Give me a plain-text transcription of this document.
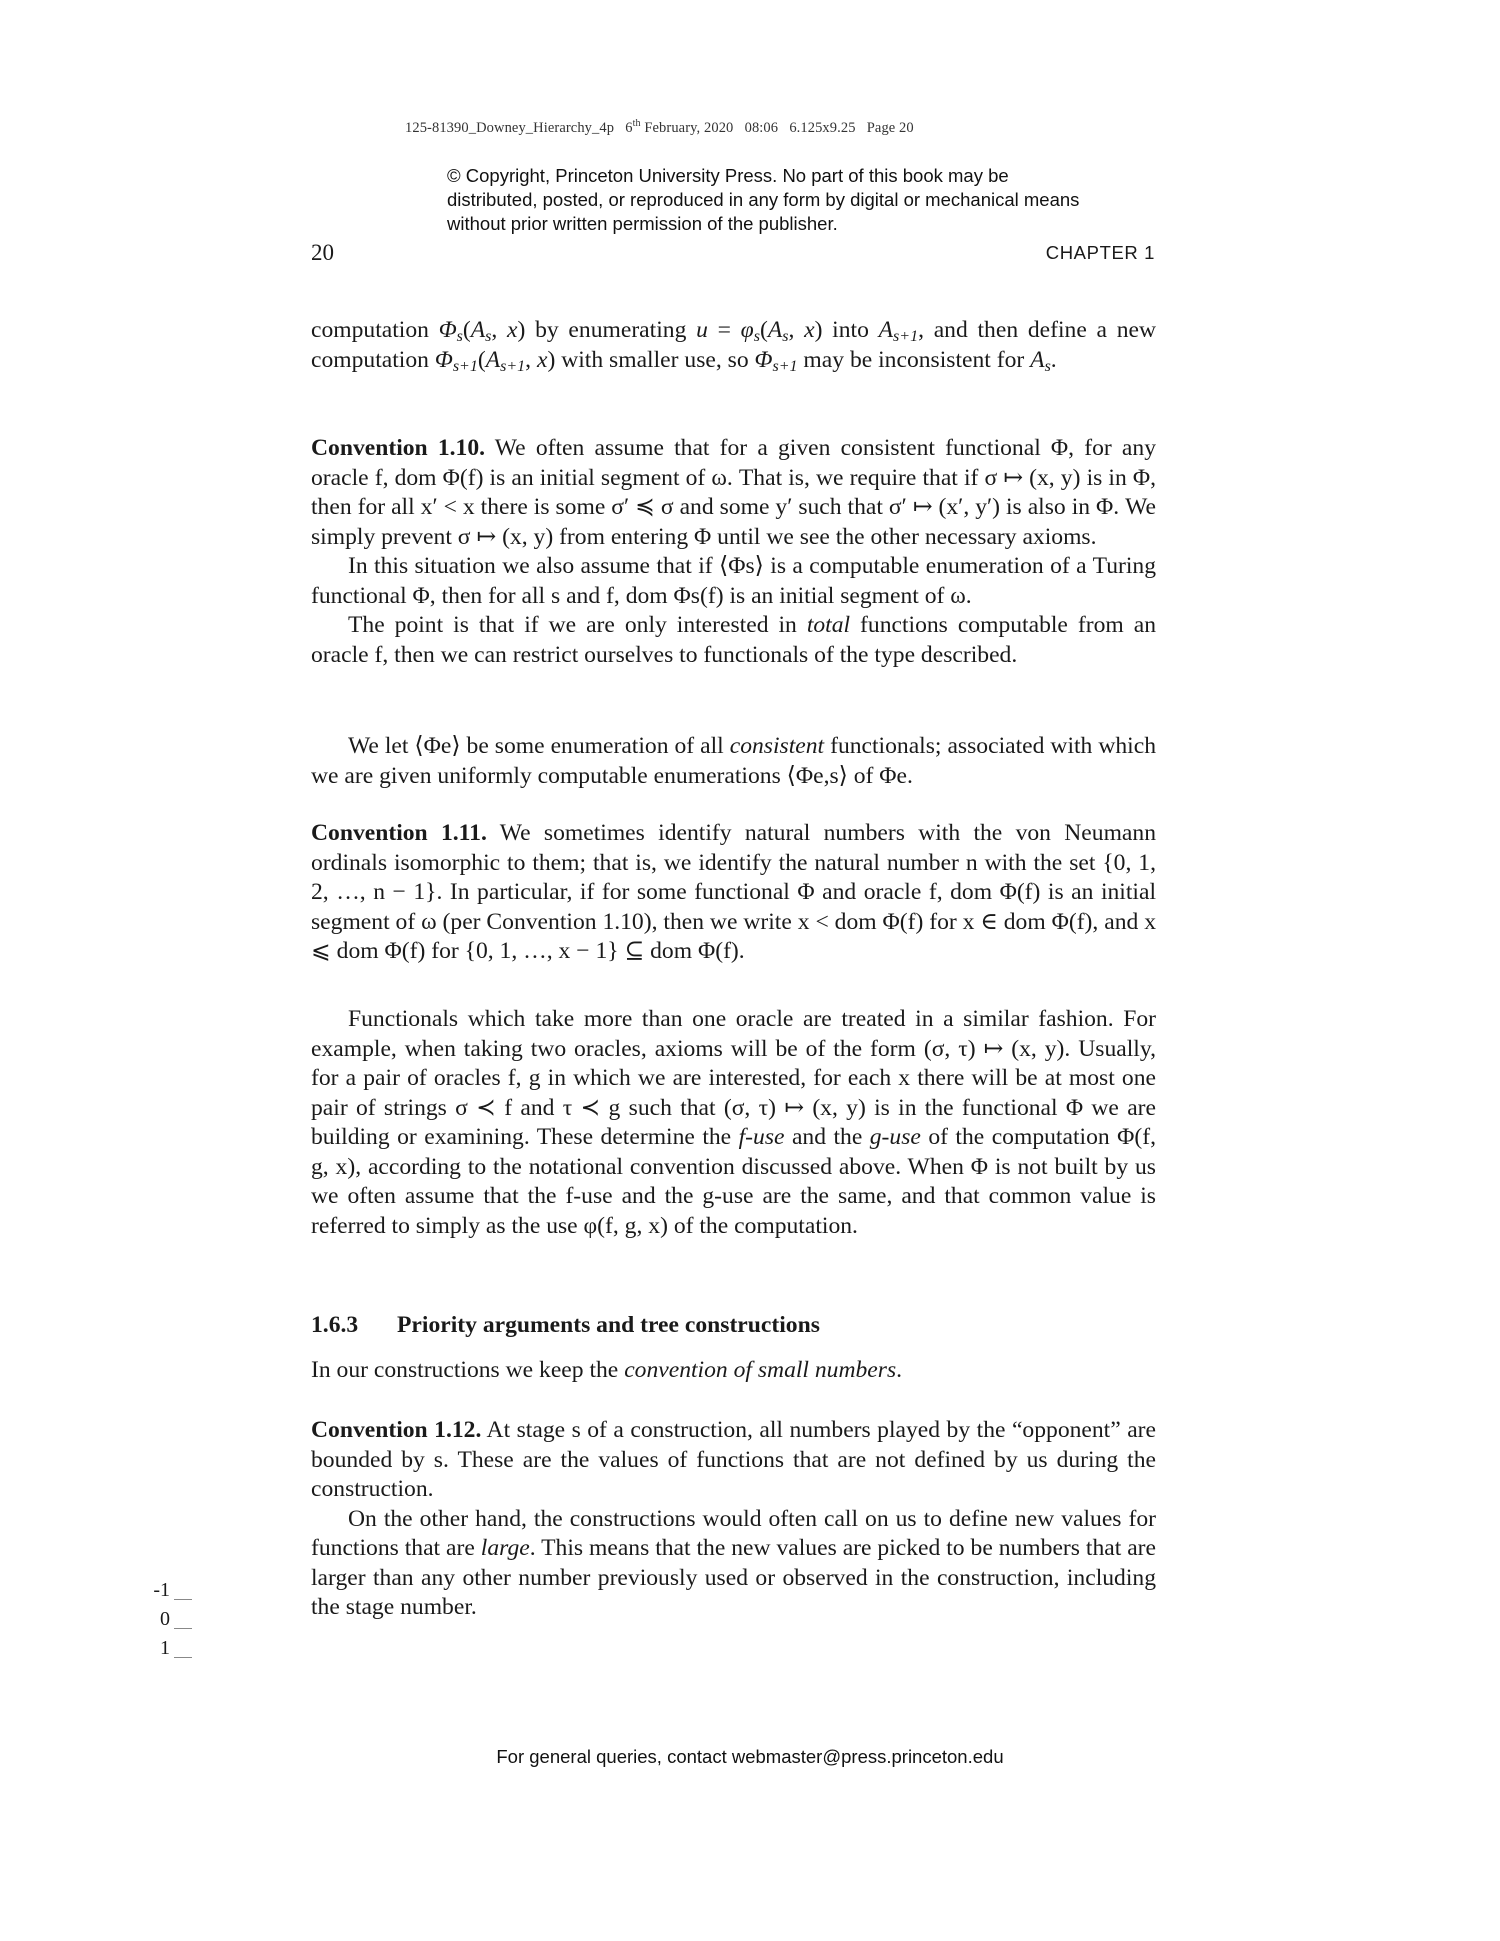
125-81390_Downey_Hierarchy_4p 6th February, 2020 08:06 6.125x9.25 Page 20
© Copyright, Princeton University Press. No part of this book may be distributed, posted, or reproduced in any form by digital or mechanical means without prior written permission of the publisher.
20	CHAPTER 1

computation $\Phi_s(A_s$, x) by enumerating $u = \varphi_s(A_s$, x) into $A_{s+1}$, and then define a new computation $\Phi_{s+1}(A_{s+1}$, x) with smaller use, so $\Phi_{s+1}$ may be inconsistent for $A_s$.

Convention 1.10. We often assume that for a given consistent functional Φ, for any oracle f, dom Φ(f) is an initial segment of ω. That is, we require that if σ ↦ (x, y) is in Φ, then for all x′ < x there is some σ′ ≼ σ and some y′ such that σ′ ↦ (x′, y′) is also in Φ. We simply prevent σ ↦ (x, y) from entering Φ until we see the other necessary axioms.

In this situation we also assume that if ⟨Φs⟩ is a computable enumeration of a Turing functional Φ, then for all s and f, dom Φs(f) is an initial segment of ω.

The point is that if we are only interested in total functions computable from an oracle f, then we can restrict ourselves to functionals of the type described.

We let ⟨Φe⟩ be some enumeration of all consistent functionals; associated with which we are given uniformly computable enumerations ⟨Φe,s⟩ of Φe.

Convention 1.11. We sometimes identify natural numbers with the von Neumann ordinals isomorphic to them; that is, we identify the natural number n with the set {0, 1, 2, …, n − 1}. In particular, if for some functional Φ and oracle f, dom Φ(f) is an initial segment of ω (per Convention 1.10), then we write x < dom Φ(f) for x ∈ dom Φ(f), and x ⩽ dom Φ(f) for {0, 1, …, x − 1} ⊆ dom Φ(f).

Functionals which take more than one oracle are treated in a similar fashion. For example, when taking two oracles, axioms will be of the form (σ, τ) ↦ (x, y). Usually, for a pair of oracles f, g in which we are interested, for each x there will be at most one pair of strings σ ≺ f and τ ≺ g such that (σ, τ) ↦ (x, y) is in the functional Φ we are building or examining. These determine the f-use and the g-use of the computation Φ(f, g, x), according to the notational convention discussed above. When Φ is not built by us we often assume that the f-use and the g-use are the same, and that common value is referred to simply as the use φ(f, g, x) of the computation.

1.6.3 Priority arguments and tree constructions

In our constructions we keep the convention of small numbers.

Convention 1.12. At stage s of a construction, all numbers played by the “opponent” are bounded by s. These are the values of functions that are not defined by us during the construction.

On the other hand, the constructions would often call on us to define new values for functions that are large. This means that the new values are picked to be numbers that are larger than any other number previously used or observed in the construction, including the stage number.

-1
0
1
For general queries, contact webmaster@press.princeton.edu
